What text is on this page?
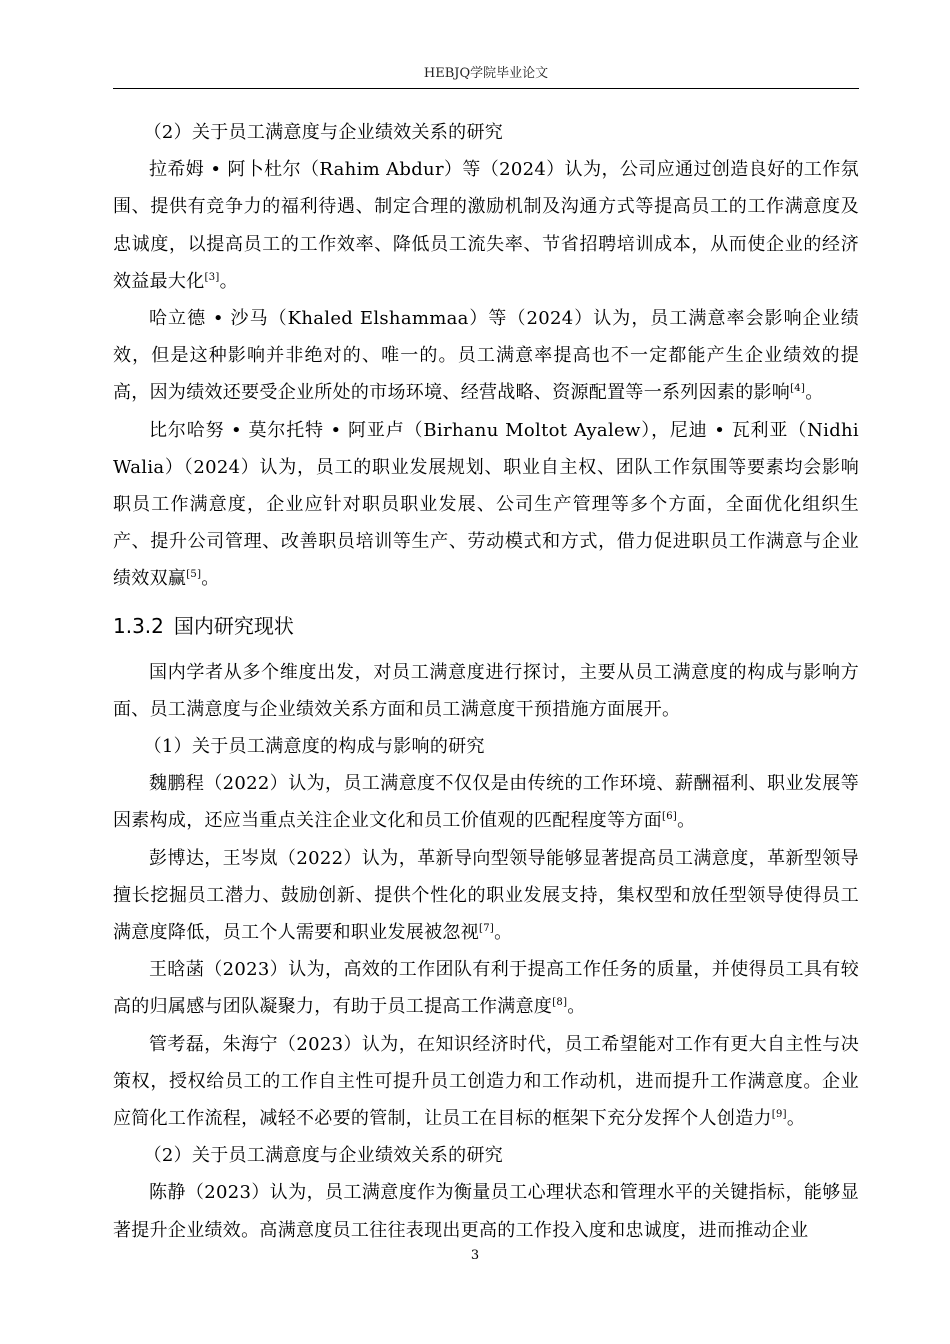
HEBJQ学院毕业论文

（2）关于员工满意度与企业绩效关系的研究

拉希姆 • 阿卜杜尔（Rahim Abdur）等（2024）认为，公司应通过创造良好的工作氛围、提供有竞争力的福利待遇、制定合理的激励机制及沟通方式等提高员工的工作满意度及忠诚度，以提高员工的工作效率、降低员工流失率、节省招聘培训成本，从而使企业的经济效益最大化[3]。

哈立德 • 沙马（Khaled Elshammaa）等（2024）认为，员工满意率会影响企业绩效，但是这种影响并非绝对的、唯一的。员工满意率提高也不一定都能产生企业绩效的提高，因为绩效还要受企业所处的市场环境、经营战略、资源配置等一系列因素的影响[4]。

比尔哈努 • 莫尔托特 • 阿亚卢（Birhanu Moltot Ayalew），尼迪 • 瓦利亚（Nidhi Walia）（2024）认为，员工的职业发展规划、职业自主权、团队工作氛围等要素均会影响职员工作满意度，企业应针对职员职业发展、公司生产管理等多个方面，全面优化组织生产、提升公司管理、改善职员培训等生产、劳动模式和方式，借力促进职员工作满意与企业绩效双赢[5]。

1.3.2 国内研究现状

国内学者从多个维度出发，对员工满意度进行探讨，主要从员工满意度的构成与影响方面、员工满意度与企业绩效关系方面和员工满意度干预措施方面展开。

（1）关于员工满意度的构成与影响的研究

魏鹏程（2022）认为，员工满意度不仅仅是由传统的工作环境、薪酬福利、职业发展等因素构成，还应当重点关注企业文化和员工价值观的匹配程度等方面[6]。

彭博达，王岑岚（2022）认为，革新导向型领导能够显著提高员工满意度，革新型领导擅长挖掘员工潜力、鼓励创新、提供个性化的职业发展支持，集权型和放任型领导使得员工满意度降低，员工个人需要和职业发展被忽视[7]。

王晗菡（2023）认为，高效的工作团队有利于提高工作任务的质量，并使得员工具有较高的归属感与团队凝聚力，有助于员工提高工作满意度[8]。

管考磊，朱海宁（2023）认为，在知识经济时代，员工希望能对工作有更大自主性与决策权，授权给员工的工作自主性可提升员工创造力和工作动机，进而提升工作满意度。企业应简化工作流程，减轻不必要的管制，让员工在目标的框架下充分发挥个人创造力[9]。

（2）关于员工满意度与企业绩效关系的研究

陈静（2023）认为，员工满意度作为衡量员工心理状态和管理水平的关键指标，能够显著提升企业绩效。高满意度员工往往表现出更高的工作投入度和忠诚度，进而推动企业

3
